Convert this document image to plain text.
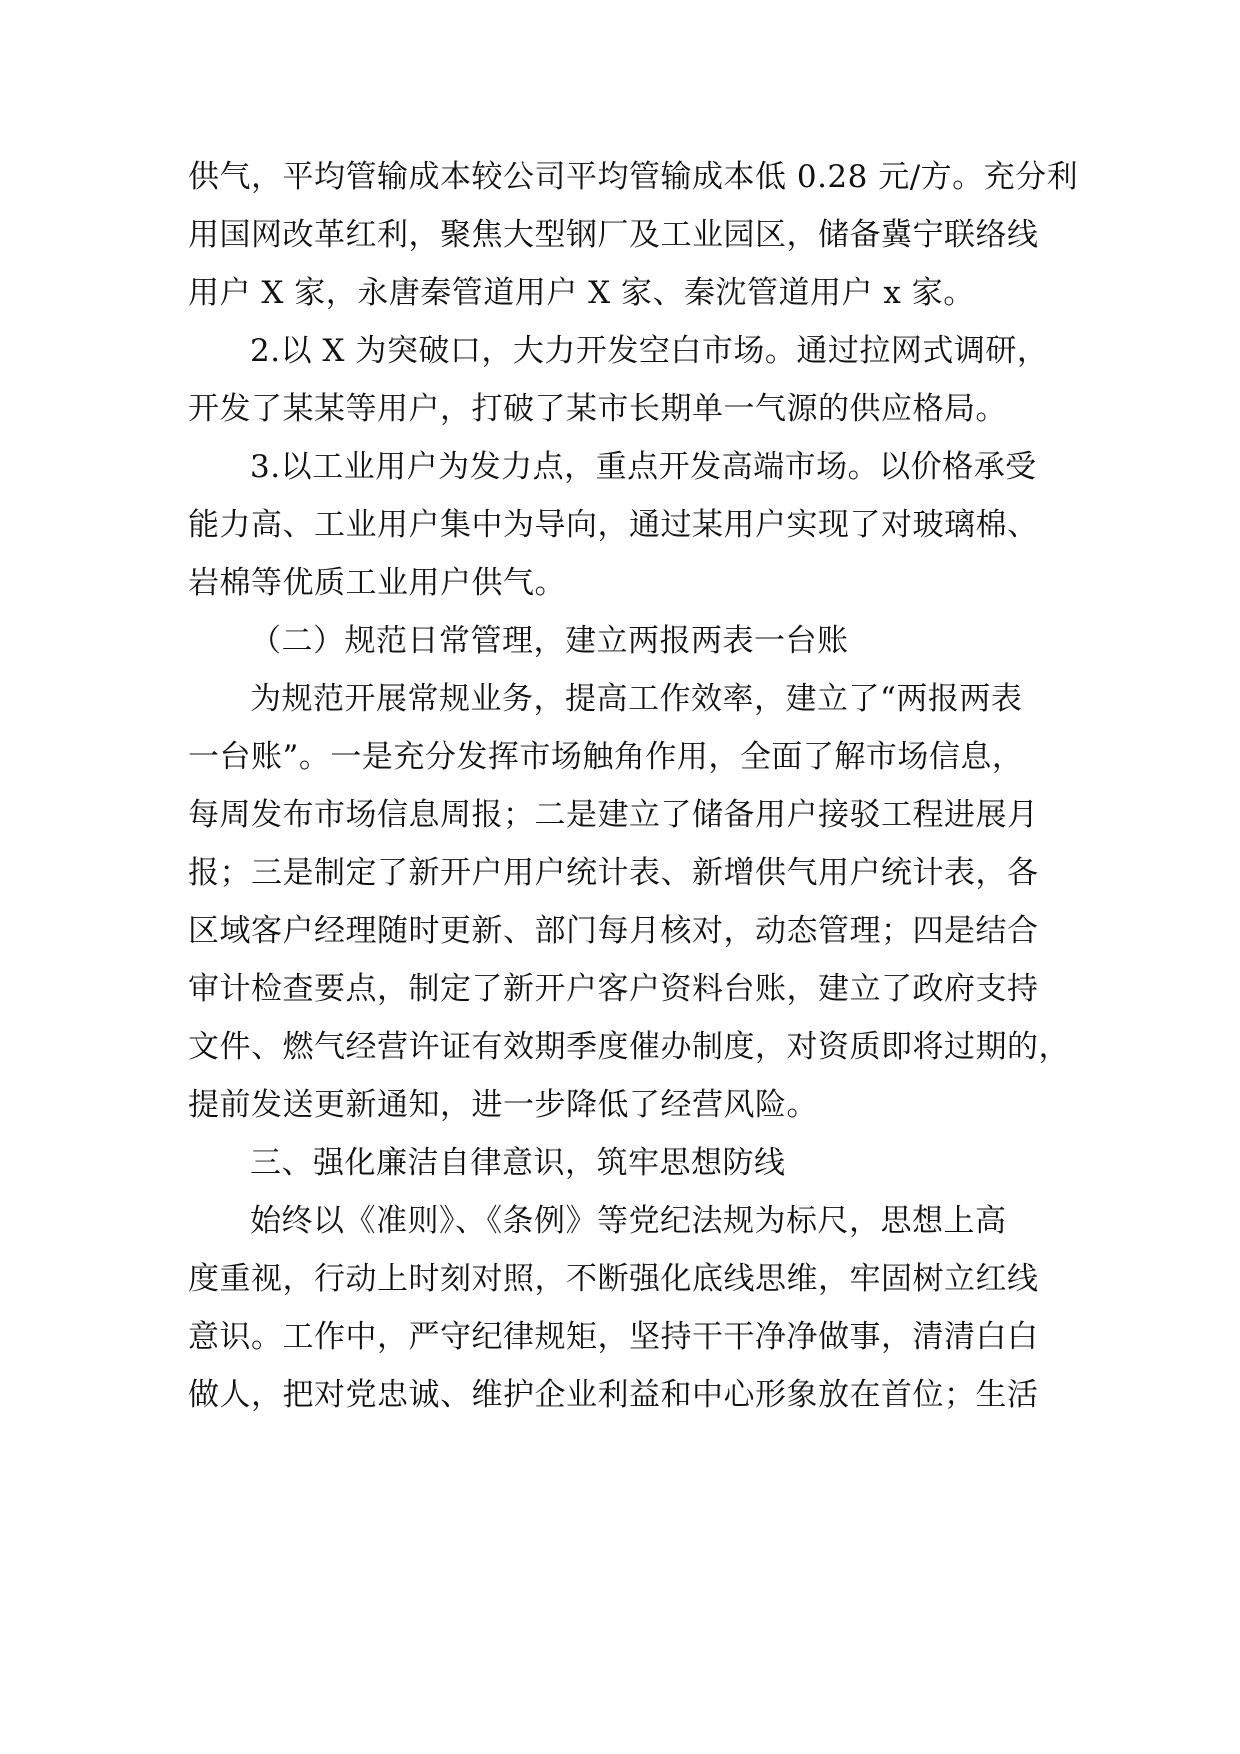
供气，平均管输成本较公司平均管输成本低 0.28 元/方。充分利
用国网改革红利，聚焦大型钢厂及工业园区，储备冀宁联络线
用户 X 家，永唐秦管道用户 X 家、秦沈管道用户 x 家。
2.以 X 为突破口，大力开发空白市场。通过拉网式调研，
开发了某某等用户，打破了某市长期单一气源的供应格局。
3.以工业用户为发力点，重点开发高端市场。以价格承受
能力高、工业用户集中为导向，通过某用户实现了对玻璃棉、
岩棉等优质工业用户供气。
（二）规范日常管理，建立两报两表一台账
为规范开展常规业务，提高工作效率，建立了“两报两表
一台账”。一是充分发挥市场触角作用，全面了解市场信息，
每周发布市场信息周报；二是建立了储备用户接驳工程进展月
报；三是制定了新开户用户统计表、新增供气用户统计表，各
区域客户经理随时更新、部门每月核对，动态管理；四是结合
审计检查要点，制定了新开户客户资料台账，建立了政府支持
文件、燃气经营许证有效期季度催办制度，对资质即将过期的，
提前发送更新通知，进一步降低了经营风险。
三、强化廉洁自律意识，筑牢思想防线
始终以《准则》、《条例》等党纪法规为标尺，思想上高
度重视，行动上时刻对照，不断强化底线思维，牢固树立红线
意识。工作中，严守纪律规矩，坚持干干净净做事，清清白白
做人，把对党忠诚、维护企业利益和中心形象放在首位；生活
